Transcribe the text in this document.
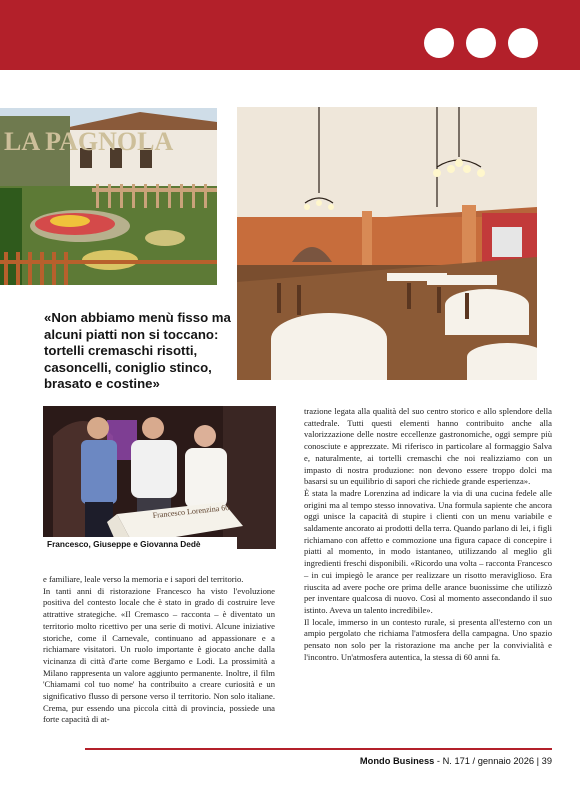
LA PAGNOLA
«Non abbiamo menù fisso ma alcuni piatti non si toccano: tortelli cremaschi risotti, casoncelli, coniglio stinco, brasato e costine»
Francesco Lorenzina 60
Francesco, Giuseppe e Giovanna Dedè

e familiare, leale verso la memoria e i sapori del territorio.

In tanti anni di ristorazione Francesco ha visto l'evoluzione positiva del contesto locale che è stato in grado di costruire leve attrattive strategiche. «Il Cremasco – racconta – è diventato un territorio molto ricettivo per una serie di motivi. Alcune iniziative storiche, come il Carnevale, continuano ad appassionare e a richiamare visitatori. Un ruolo importante è giocato anche dalla vicinanza di città d'arte come Bergamo e Lodi. La prossimità a Milano rappresenta un valore aggiunto permanente. Inoltre, il film 'Chiamami col tuo nome' ha contribuito a creare curiosità e un significativo flusso di persone verso il territorio. Non solo italiane. Crema, pur essendo una piccola città di provincia, possiede una forte capacità di at-

trazione legata alla qualità del suo centro storico e allo splendore della cattedrale. Tutti questi elementi hanno contribuito anche alla valorizzazione delle nostre eccellenze gastronomiche, oggi sempre più conosciute e apprezzate. Mi riferisco in particolare al formaggio Salva e, naturalmente, ai tortelli cremaschi che noi realizziamo con un impasto di nostra produzione: non devono essere troppo dolci ma basarsi su un equilibrio di sapori che richiede grande esperienza».

È stata la madre Lorenzina ad indicare la via di una cucina fedele alle origini ma al tempo stesso innovativa. Una formula sapiente che ancora oggi unisce la capacità di stupire i clienti con un menu variabile e saldamente ancorato ai prodotti della terra. Quando parlano di lei, i figli richiamano con affetto e commozione una figura capace di concepire i piatti al momento, in modo istantaneo, utilizzando al meglio gli ingredienti freschi disponibili. «Ricordo una volta – racconta Francesco – in cui impiegò le arance per realizzare un risotto meraviglioso. Era riuscita ad avere poche ore prima delle arance buonissime che utilizzò per inventare qualcosa di nuovo. Così al momento assecondando il suo istinto. Aveva un talento incredibile».

Il locale, immerso in un contesto rurale, si presenta all'esterno con un ampio pergolato che richiama l'atmosfera della campagna. Uno spazio pensato non solo per la ristorazione ma anche per la convivialità e l'incontro. Un'atmosfera autentica, la stessa di 60 anni fa.

Mondo Business - N. 171 / gennaio 2026 | 39
